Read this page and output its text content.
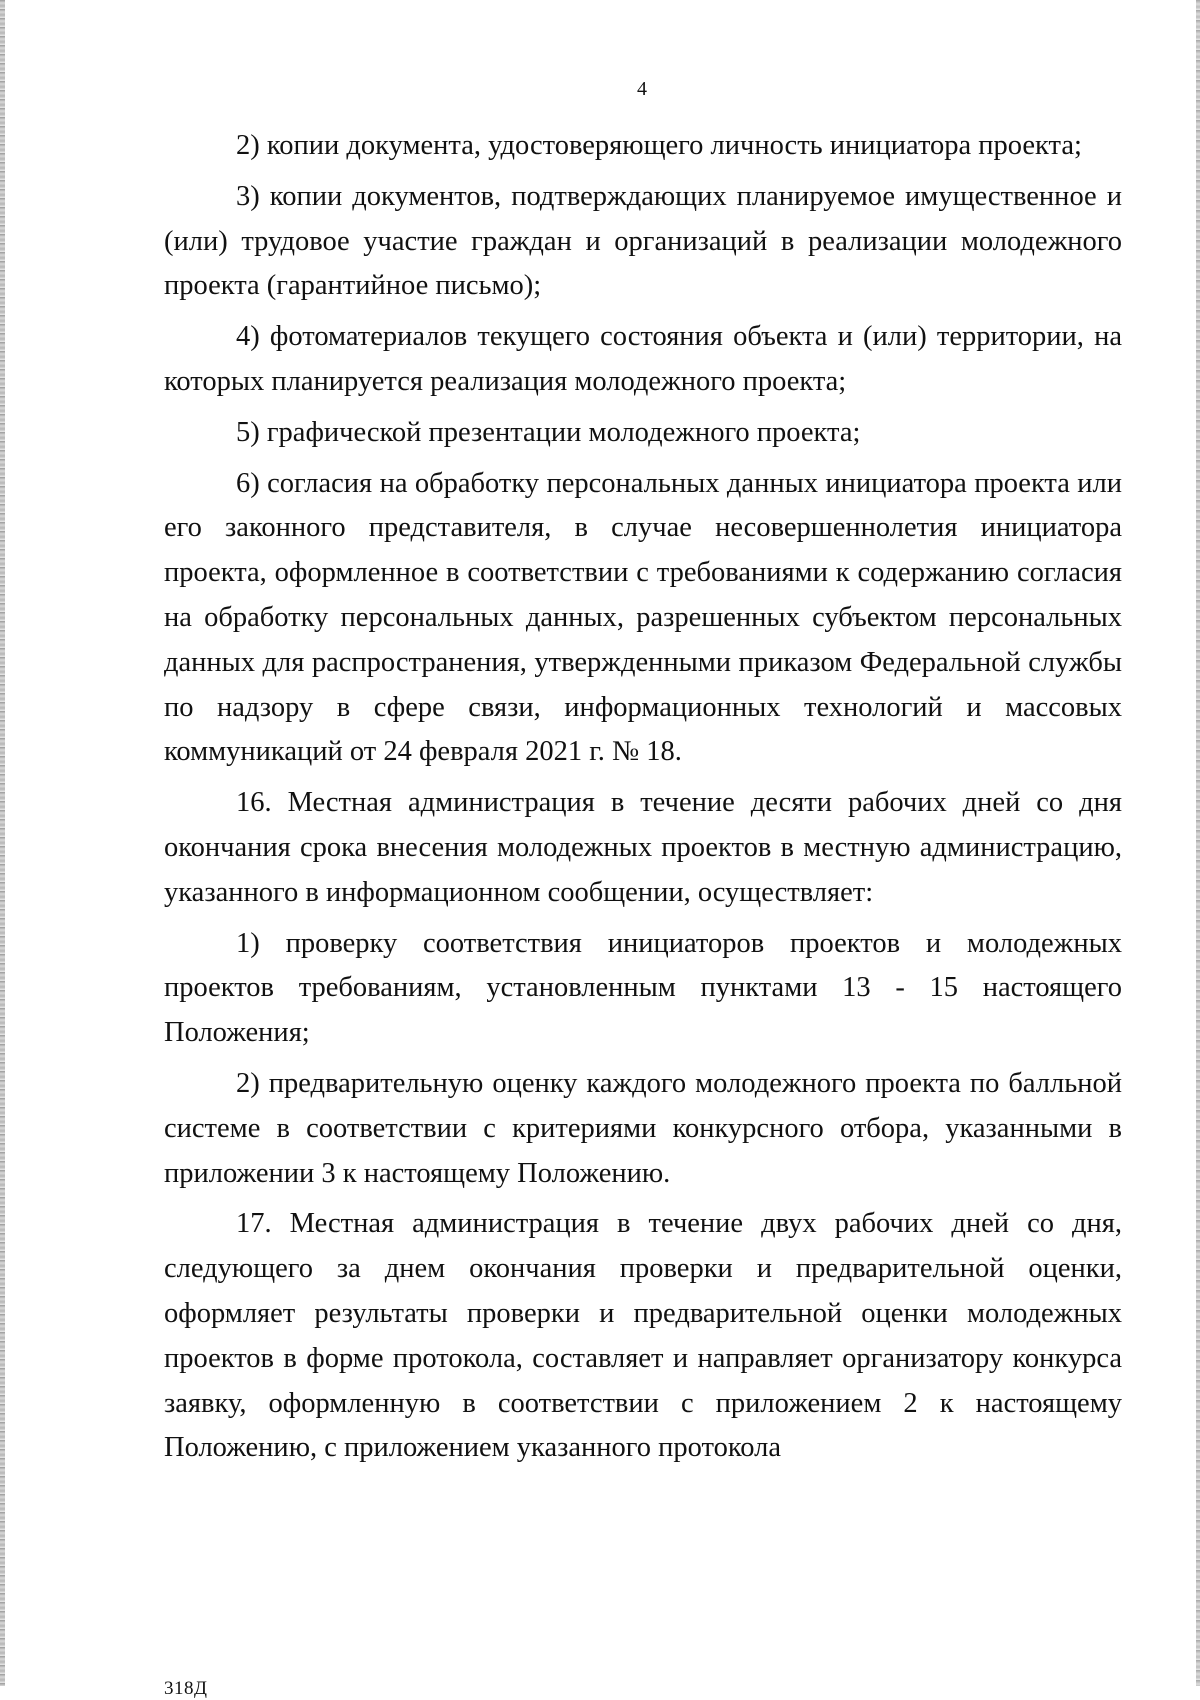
4

2) копии документа, удостоверяющего личность инициатора проекта;

3) копии документов, подтверждающих планируемое имущественное и (или) трудовое участие граждан и организаций в реализации молодежного проекта (гарантийное письмо);

4) фотоматериалов текущего состояния объекта и (или) территории, на которых планируется реализация молодежного проекта;

5) графической презентации молодежного проекта;

6) согласия на обработку персональных данных инициатора проекта или его законного представителя, в случае несовершеннолетия инициатора проекта, оформленное в соответствии с требованиями к содержанию согласия на обработку персональных данных, разрешенных субъектом персональных данных для распространения, утвержденными приказом Федеральной службы по надзору в сфере связи, информационных технологий и массовых коммуникаций от 24 февраля 2021 г. № 18.

16. Местная администрация в течение десяти рабочих дней со дня окончания срока внесения молодежных проектов в местную администрацию, указанного в информационном сообщении, осуществляет:

1) проверку соответствия инициаторов проектов и молодежных проектов требованиям, установленным пунктами 13 - 15 настоящего Положения;

2) предварительную оценку каждого молодежного проекта по балльной системе в соответствии с критериями конкурсного отбора, указанными в приложении 3 к настоящему Положению.

17. Местная администрация в течение двух рабочих дней со дня, следующего за днем окончания проверки и предварительной оценки, оформляет результаты проверки и предварительной оценки молодежных проектов в форме протокола, составляет и направляет организатору конкурса заявку, оформленную в соответствии с приложением 2 к настоящему Положению, с приложением указанного протокола

318Д
